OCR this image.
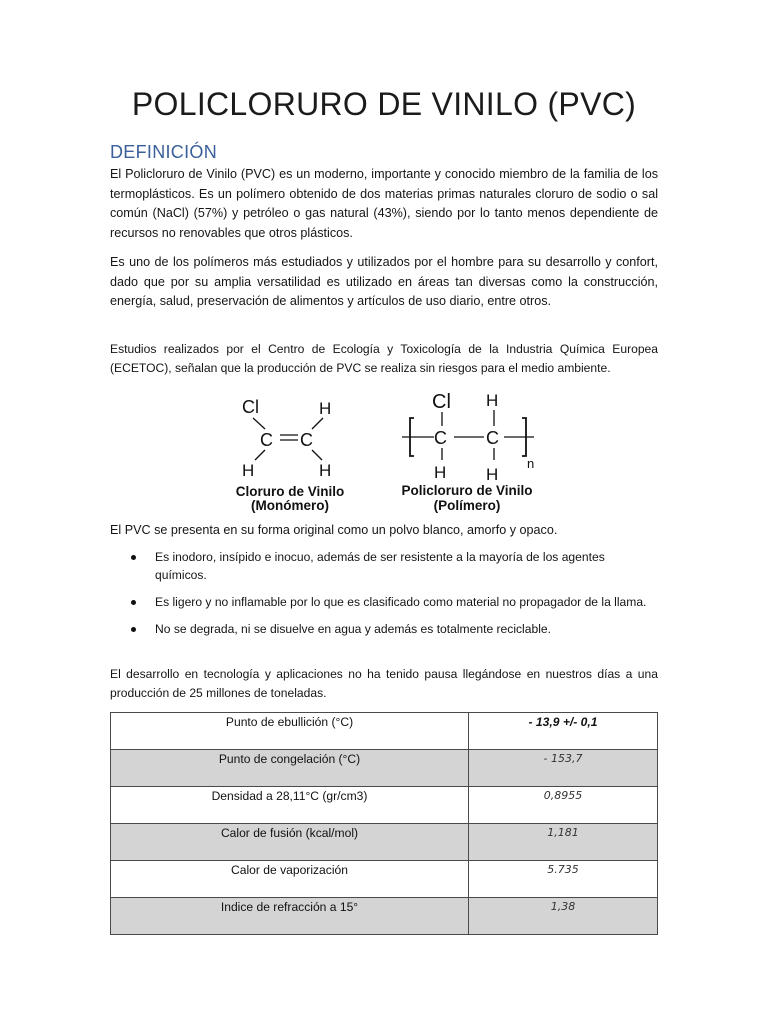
POLICLORURO DE VINILO (PVC)
DEFINICIÓN

El Policloruro de Vinilo (PVC) es un moderno, importante y conocido miembro de la familia de los termoplásticos. Es un polímero obtenido de dos materias primas naturales cloruro de sodio o sal común (NaCl) (57%) y petróleo o gas natural (43%), siendo por lo tanto menos dependiente de recursos no renovables que otros plásticos.

Es uno de los polímeros más estudiados y utilizados por el hombre para su desarrollo y confort, dado que por su amplia versatilidad es utilizado en áreas tan diversas como la construcción, energía, salud, preservación de alimentos y artículos de uso diario, entre otros.

Estudios realizados por el Centro de Ecología y Toxicología de la Industria Química Europea (ECETOC), señalan que la producción de PVC se realiza sin riesgos para el medio ambiente.

Cl	H
C C
H	H
Cloruro de Vinilo
(Monómero)
Cl H
C C
H H
n
Policloruro de Vinilo
(Polímero)

El PVC se presenta en su forma original como un polvo blanco, amorfo y opaco.

Es inodoro, insípido e inocuo, además de ser resistente a la mayoría de los agentes químicos.
Es ligero y no inflamable por lo que es clasificado como material no propagador de la llama.
No se degrada, ni se disuelve en agua y además es totalmente reciclable.

El desarrollo en tecnología y aplicaciones no ha tenido pausa llegándose en nuestros días a una producción de 25 millones de toneladas.

Punto de ebullición (°C)	- 13,9 +/- 0,1
Punto de congelación (°C)	- 153,7
Densidad a 28,11°C (gr/cm3)	0,8955
Calor de fusión (kcal/mol)	1,181
Calor de vaporización	5.735
Indice de refracción a 15°	1,38
